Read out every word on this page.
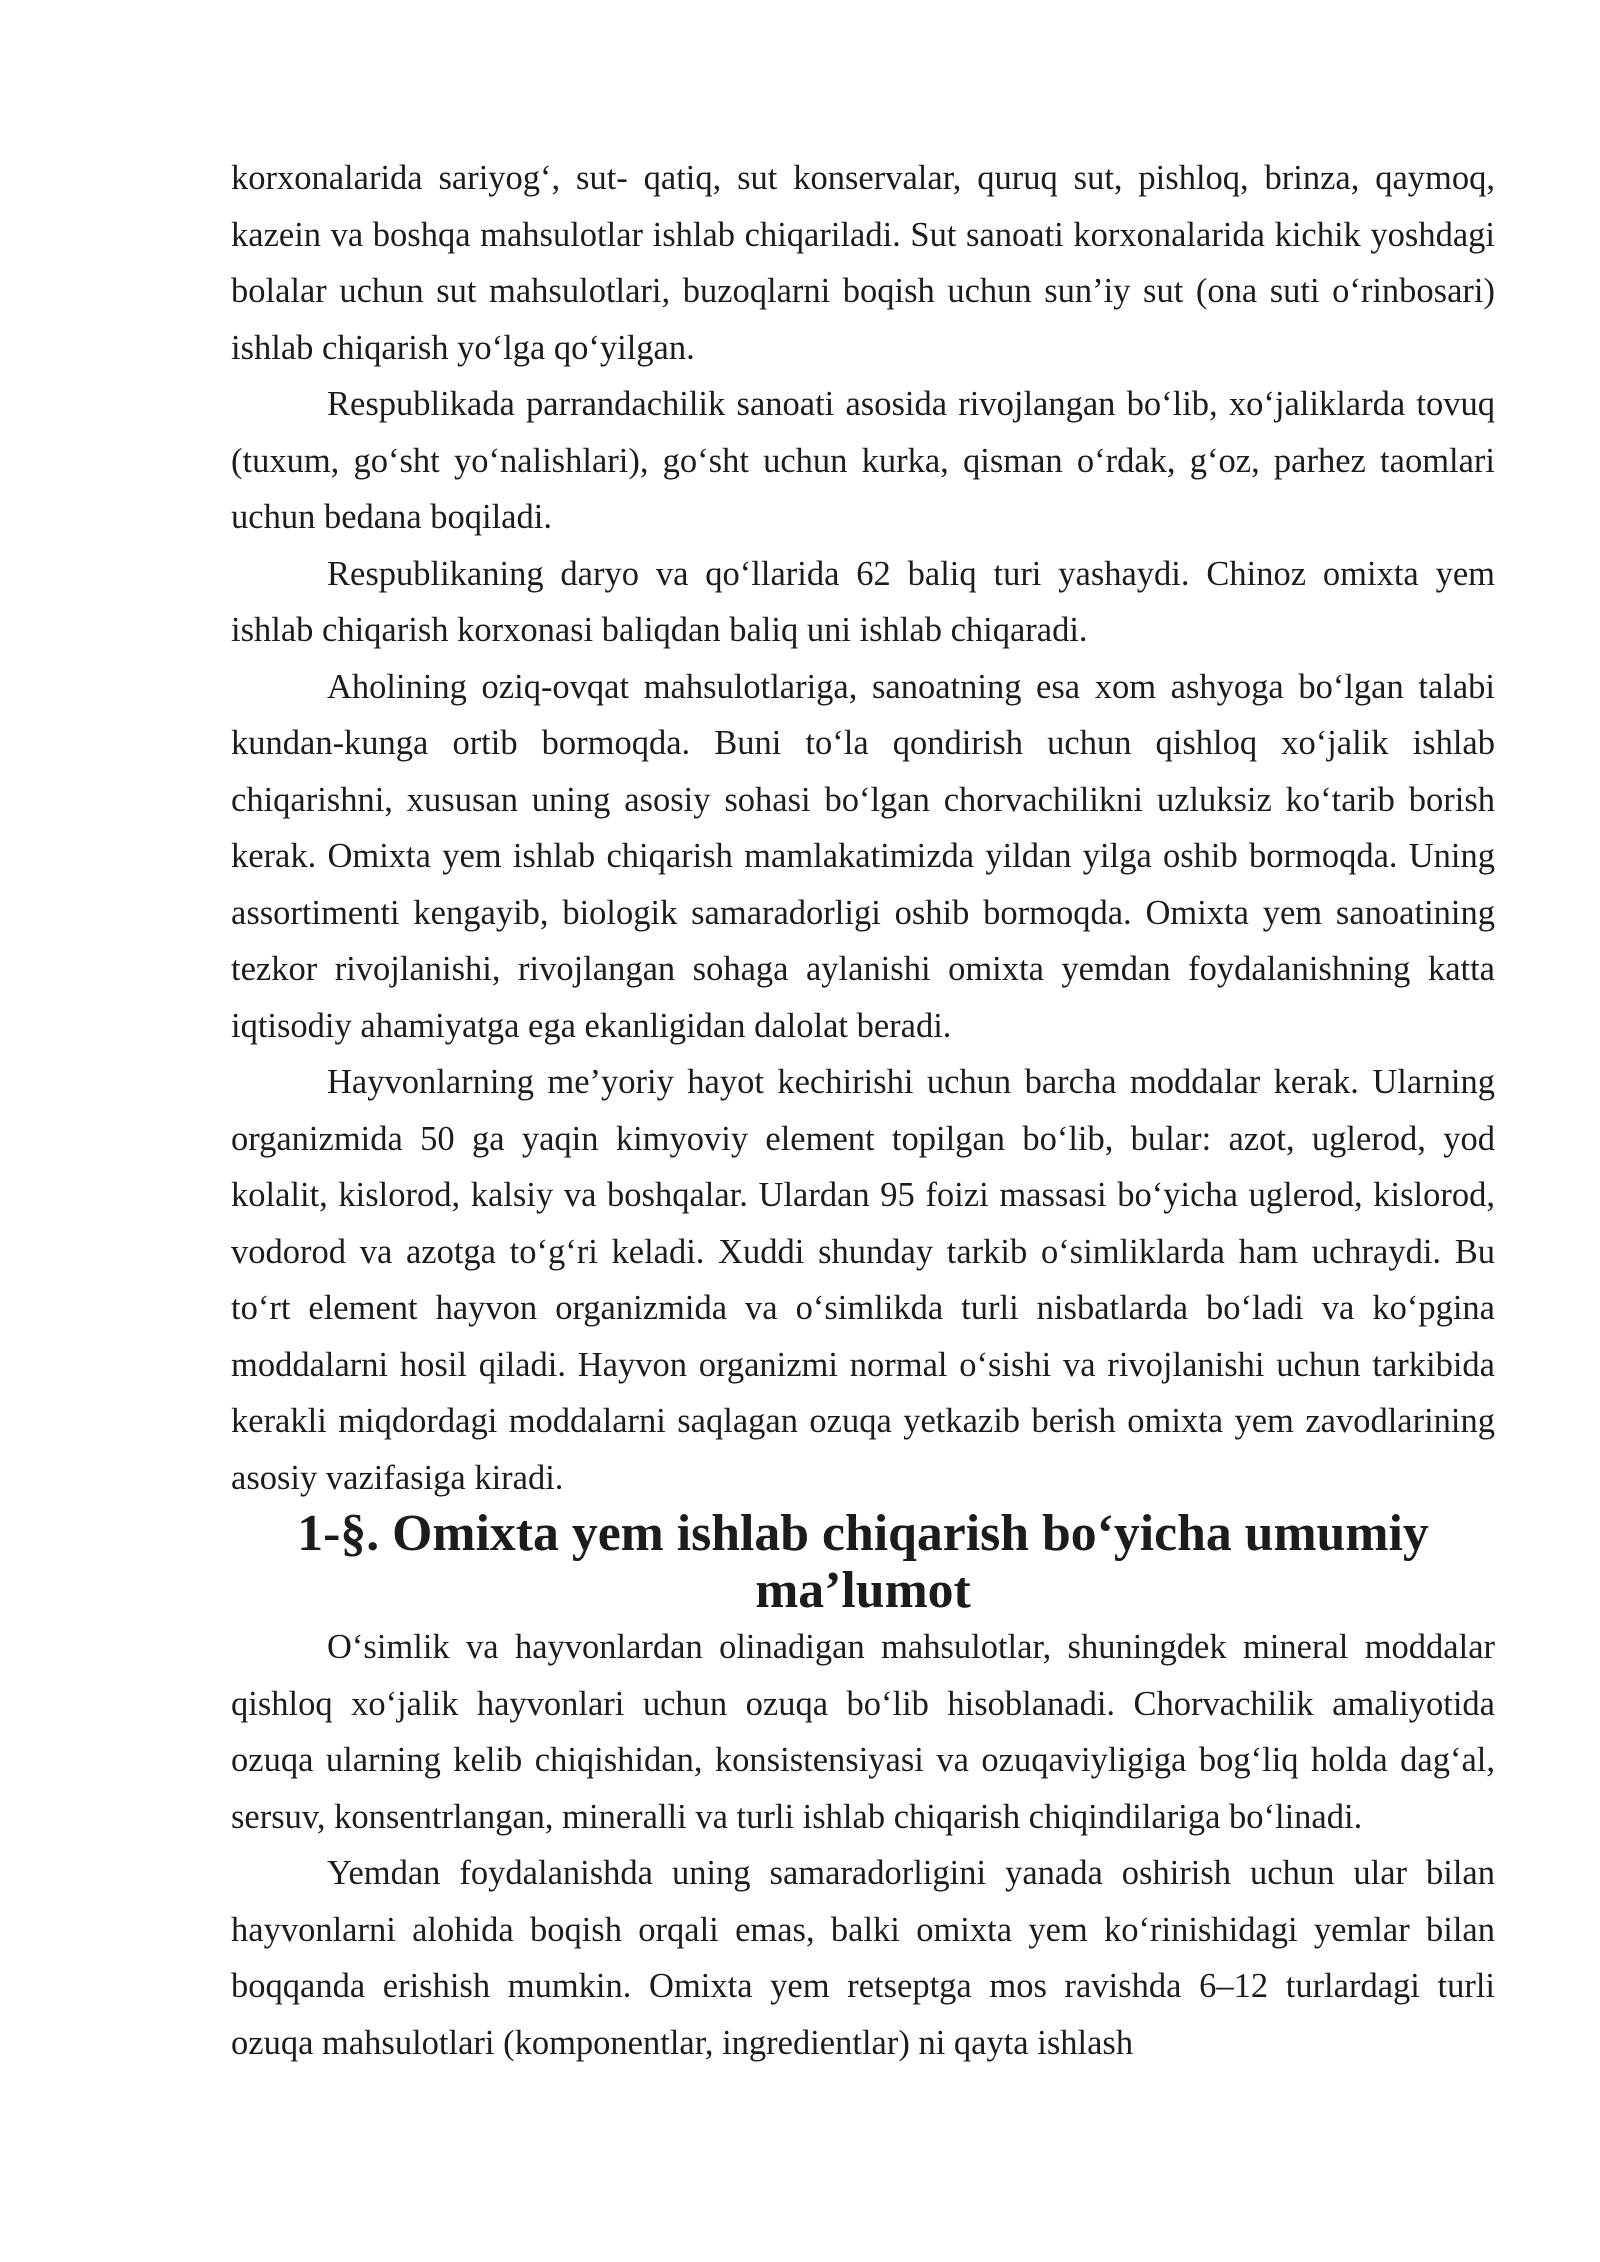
korxonalarida sariyog‘, sut- qatiq, sut konservalar, quruq sut, pishloq, brinza, qaymoq, kazein va boshqa mahsulotlar ishlab chiqariladi. Sut sanoati korxonalarida kichik yoshdagi bolalar uchun sut mahsulotlari, buzoqlarni boqish uchun sun’iy sut (ona suti o‘rinbosari) ishlab chiqarish yo‘lga qo‘yilgan.

Respublikada parrandachilik sanoati asosida rivojlangan bo‘lib, xo‘jaliklarda tovuq (tuxum, go‘sht yo‘nalishlari), go‘sht uchun kurka, qisman o‘rdak, g‘oz, parhez taomlari uchun bedana boqiladi.

Respublikaning daryo va qo‘llarida 62 baliq turi yashaydi. Chinoz omixta yem ishlab chiqarish korxonasi baliqdan baliq uni ishlab chiqaradi.

Aholining oziq-ovqat mahsulotlariga, sanoatning esa xom ashyoga bo‘lgan talabi kundan-kunga ortib bormoqda. Buni to‘la qondirish uchun qishloq xo‘jalik ishlab chiqarishni, xususan uning asosiy sohasi bo‘lgan chorvachilikni uzluksiz ko‘tarib borish kerak. Omixta yem ishlab chiqarish mamlakatimizda yildan yilga oshib bormoqda. Uning assortimenti kengayib, biologik samaradorligi oshib bormoqda. Omixta yem sanoatining tezkor rivojlanishi, rivojlangan sohaga aylanishi omixta yemdan foydalanishning katta iqtisodiy ahamiyatga ega ekanligidan dalolat beradi.

Hayvonlarning me’yoriy hayot kechirishi uchun barcha moddalar kerak. Ularning organizmida 50 ga yaqin kimyoviy element topilgan bo‘lib, bular: azot, uglerod, yod kolalit, kislorod, kalsiy va boshqalar. Ulardan 95 foizi massasi bo‘yicha uglerod, kislorod, vodorod va azotga to‘g‘ri keladi. Xuddi shunday tarkib o‘simliklarda ham uchraydi. Bu to‘rt element hayvon organizmida va o‘simlikda turli nisbatlarda bo‘ladi va ko‘pgina moddalarni hosil qiladi. Hayvon organizmi normal o‘sishi va rivojlanishi uchun tarkibida kerakli miqdordagi moddalarni saqlagan ozuqa yetkazib berish omixta yem zavodlarining asosiy vazifasiga kiradi.

1-§. Omixta yem ishlab chiqarish bo‘yicha umumiy ma’lumot

O‘simlik va hayvonlardan olinadigan mahsulotlar, shuningdek mineral moddalar qishloq xo‘jalik hayvonlari uchun ozuqa bo‘lib hisoblanadi. Chorvachilik amaliyotida ozuqa ularning kelib chiqishidan, konsistensiyasi va ozuqaviyligiga bog‘liq holda dag‘al, sersuv, konsentrlangan, mineralli va turli ishlab chiqarish chiqindilariga bo‘linadi.

Yemdan foydalanishda uning samaradorligini yanada oshirish uchun ular bilan hayvonlarni alohida boqish orqali emas, balki omixta yem ko‘rinishidagi yemlar bilan boqqanda erishish mumkin. Omixta yem retseptga mos ravishda 6–12 turlardagi turli ozuqa mahsulotlari (komponentlar, ingredientlar) ni qayta ishlash
